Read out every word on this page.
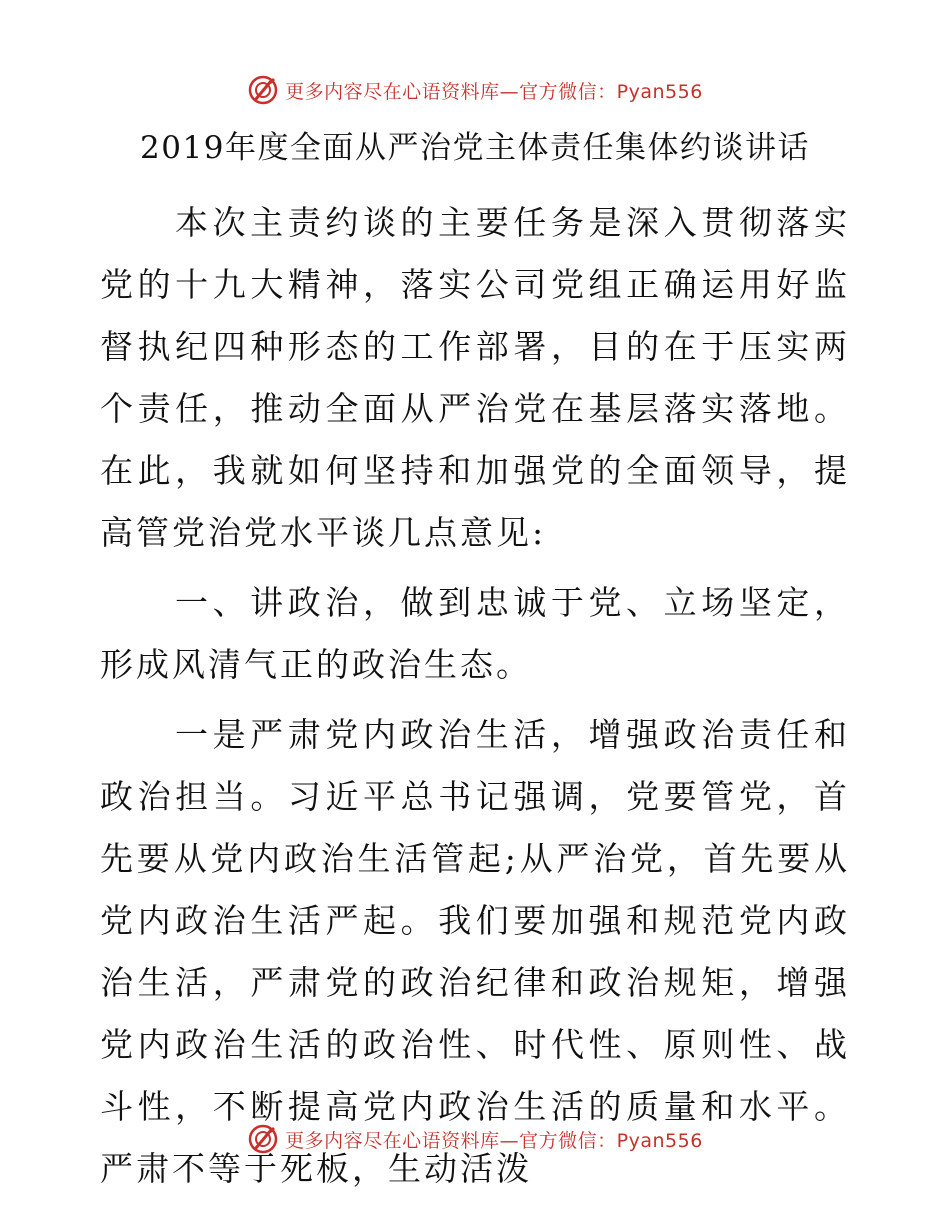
更多内容尽在心语资料库—官方微信：Pyan556
2019年度全面从严治党主体责任集体约谈讲话

本次主责约谈的主要任务是深入贯彻落实党的十九大精神，落实公司党组正确运用好监督执纪四种形态的工作部署，目的在于压实两个责任，推动全面从严治党在基层落实落地。在此，我就如何坚持和加强党的全面领导，提高管党治党水平谈几点意见:

一、讲政治，做到忠诚于党、立场坚定，形成风清气正的政治生态。

一是严肃党内政治生活，增强政治责任和政治担当。习近平总书记强调，党要管党，首先要从党内政治生活管起;从严治党，首先要从党内政治生活严起。我们要加强和规范党内政治生活，严肃党的政治纪律和政治规矩，增强党内政治生活的政治性、时代性、原则性、战斗性，不断提高党内政治生活的质量和水平。严肃不等于死板，生动活泼

更多内容尽在心语资料库—官方微信：Pyan556
